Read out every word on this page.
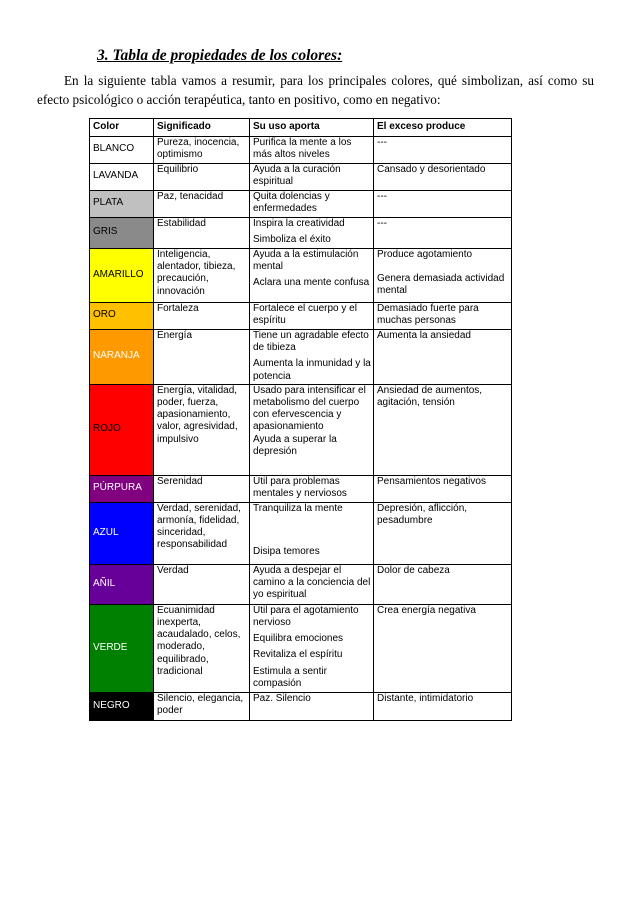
3. Tabla de propiedades de los colores:

En la siguiente tabla vamos a resumir, para los principales colores, qué simbolizan, así como su efecto psicológico o acción terapéutica, tanto en positivo, como en negativo:

Color	Significado	Su uso aporta	El exceso produce

BLANCO	Pureza, inocencia, optimismo	Purifica la mente a los más altos niveles	---

LAVANDA	Equilibrio	Ayuda a la curación espiritual	Cansado y desorientado

PLATA	Paz, tenacidad	Quita dolencias y enfermedades	---

GRIS	Estabilidad	Inspira la creatividad
Simboliza el éxito	---

AMARILLO	Inteligencia, alentador, tibieza, precaución, innovación	Ayuda a la estimulación mental
Aclara una mente confusa	Produce agotamiento
Genera demasiada actividad mental

ORO	Fortaleza	Fortalece el cuerpo y el espíritu	Demasiado fuerte para muchas personas

NARANJA	Energía	Tiene un agradable efecto de tibieza
Aumenta la inmunidad y la potencia	Aumenta la ansiedad

ROJO	Energía, vitalidad, poder, fuerza, apasionamiento, valor, agresividad, impulsivo	Usado para intensificar el metabolismo del cuerpo con efervescencia y apasionamiento
Ayuda a superar la depresión	Ansiedad de aumentos, agitación, tensión

PÚRPURA	Serenidad	Útil para problemas mentales y nerviosos	Pensamientos negativos

AZUL	Verdad, serenidad, armonía, fidelidad, sinceridad, responsabilidad	Tranquiliza la mente
Disipa temores	Depresión, aflicción, pesadumbre

AÑIL	Verdad	Ayuda a despejar el camino a la conciencia del yo espiritual	Dolor de cabeza

VERDE	Ecuanimidad inexperta, acaudalado, celos, moderado, equilibrado, tradicional	Útil para el agotamiento nervioso
Equilibra emociones
Revitaliza el espíritu
Estimula a sentir compasión	Crea energía negativa

NEGRO	Silencio, elegancia, poder	Paz. Silencio	Distante, intimidatorio
